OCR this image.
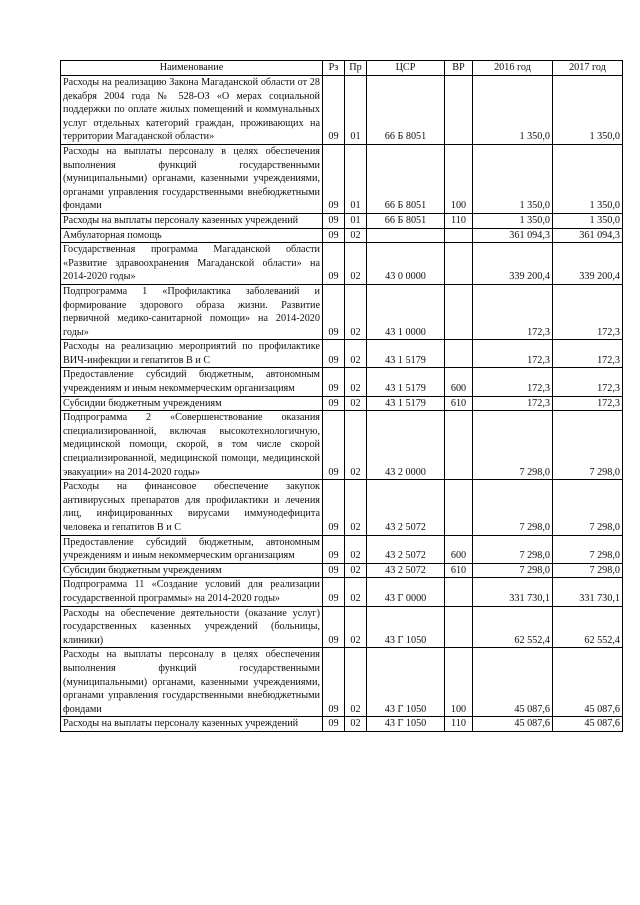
Наименование	Рз	Пр	ЦСР	ВР	2016 год	2017 год
Расходы на реализацию Закона Магаданской области от 28 декабря 2004 года № 528-ОЗ «О мерах социальной поддержки по оплате жилых помещений и коммунальных услуг отдельных категорий граждан, проживающих на территории Магаданской области»	09	01	66 Б 8051		1 350,0	1 350,0
Расходы на выплаты персоналу в целях обеспечения выполнения функций государственными (муниципальными) органами, казенными учреждениями, органами управления государственными внебюджетными фондами	09	01	66 Б 8051	100	1 350,0	1 350,0
Расходы на выплаты персоналу казенных учреждений	09	01	66 Б 8051	110	1 350,0	1 350,0
Амбулаторная помощь	09	02			361 094,3	361 094,3
Государственная программа Магаданской области «Развитие здравоохранения Магаданской области» на 2014-2020 годы»	09	02	43 0 0000		339 200,4	339 200,4
Подпрограмма 1 «Профилактика заболеваний и формирование здорового образа жизни. Развитие первичной медико-санитарной помощи» на 2014-2020 годы»	09	02	43 1 0000		172,3	172,3
Расходы на реализацию мероприятий по профилактике ВИЧ-инфекции и гепатитов В и С	09	02	43 1 5179		172,3	172,3
Предоставление субсидий бюджетным, автономным учреждениям и иным некоммерческим организациям	09	02	43 1 5179	600	172,3	172,3
Субсидии бюджетным учреждениям	09	02	43 1 5179	610	172,3	172,3
Подпрограмма 2 «Совершенствование оказания специализированной, включая высокотехнологичную, медицинской помощи, скорой, в том числе скорой специализированной, медицинской помощи, медицинской эвакуации» на 2014-2020 годы»	09	02	43 2 0000		7 298,0	7 298,0
Расходы на финансовое обеспечение закупок антивирусных препаратов для профилактики и лечения лиц, инфицированных вирусами иммунодефицита человека и гепатитов В и С	09	02	43 2 5072		7 298,0	7 298,0
Предоставление субсидий бюджетным, автономным учреждениям и иным некоммерческим организациям	09	02	43 2 5072	600	7 298,0	7 298,0
Субсидии бюджетным учреждениям	09	02	43 2 5072	610	7 298,0	7 298,0
Подпрограмма 11 «Создание условий для реализации государственной программы» на 2014-2020 годы»	09	02	43 Г 0000		331 730,1	331 730,1
Расходы на обеспечение деятельности (оказание услуг) государственных казенных учреждений (больницы, клиники)	09	02	43 Г 1050		62 552,4	62 552,4
Расходы на выплаты персоналу в целях обеспечения выполнения функций государственными (муниципальными) органами, казенными учреждениями, органами управления государственными внебюджетными фондами	09	02	43 Г 1050	100	45 087,6	45 087,6
Расходы на выплаты персоналу казенных учреждений	09	02	43 Г 1050	110	45 087,6	45 087,6
